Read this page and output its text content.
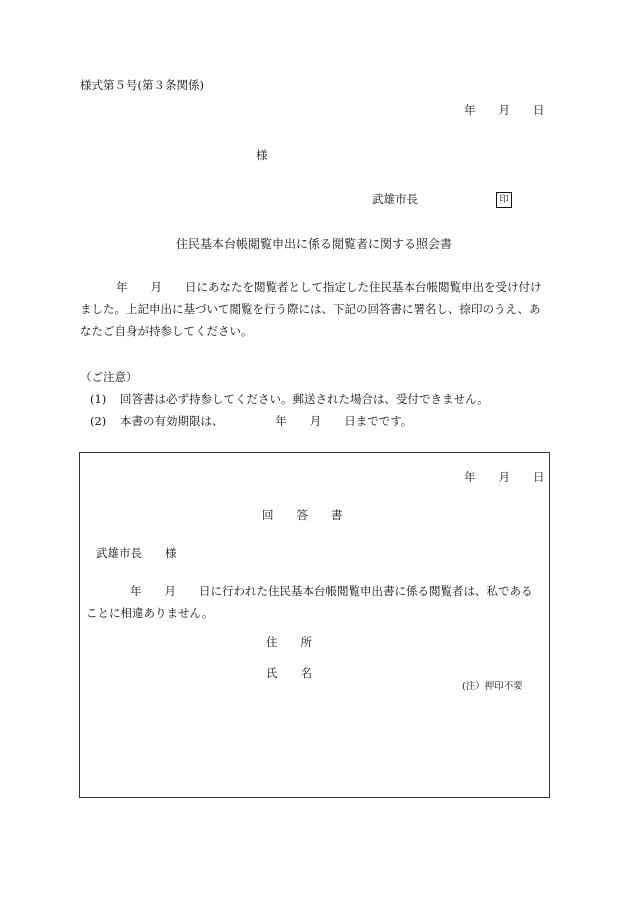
様式第５号(第３条関係)
年　　月　　日
様
武雄市長	印
住民基本台帳閲覧申出に係る閲覧者に関する照会書
年　　月　　日にあなたを閲覧者として指定した住民基本台帳閲覧申出を受け付け
ました。上記申出に基づいて閲覧を行う際には、下記の回答書に署名し、捺印のうえ、あ
なたご自身が持参してください。
（ご注意）
(1) 回答書は必ず持参してください。郵送された場合は、受付できません。
(2) 本書の有効期限は、　　　　　年　　月　　日までです。
年　　月　　日
回　　答　　書
武雄市長　　様
年　　月　　日に行われた住民基本台帳閲覧申出書に係る閲覧者は、私である
ことに相違ありません。
住　　所
氏　　名
(注）押印不要
